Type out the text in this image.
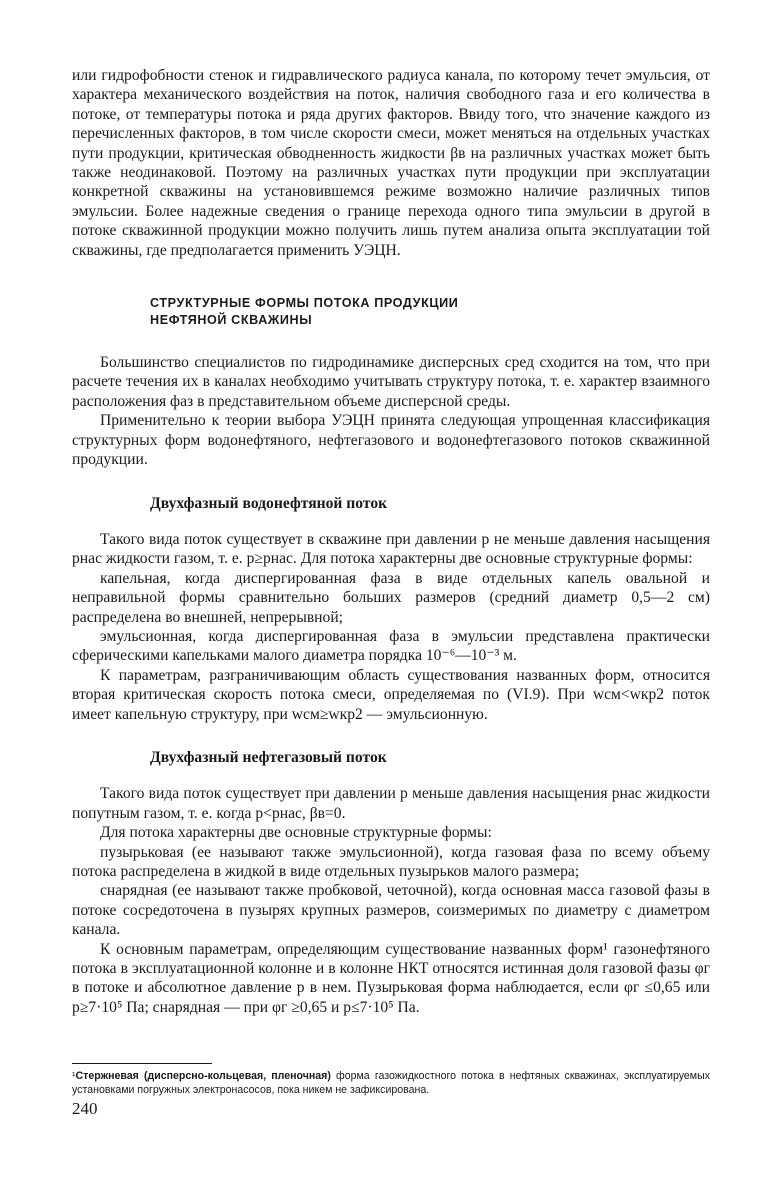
или гидрофобности стенок и гидравлического радиуса канала, по которому течет эмульсия, от характера механического воздействия на поток, наличия свободного газа и его количества в потоке, от температуры потока и ряда других факторов. Ввиду того, что значение каждого из перечисленных факторов, в том числе скорости смеси, может меняться на отдельных участках пути продукции, критическая обводненность жидкости βв на различных участках может быть также неодинаковой. Поэтому на различных участках пути продукции при эксплуатации конкретной скважины на установившемся режиме возможно наличие различных типов эмульсии. Более надежные сведения о границе перехода одного типа эмульсии в другой в потоке скважинной продукции можно получить лишь путем анализа опыта эксплуатации той скважины, где предполагается применить УЭЦН.

СТРУКТУРНЫЕ ФОРМЫ ПОТОКА ПРОДУКЦИИ
НЕФТЯНОЙ СКВАЖИНЫ

Большинство специалистов по гидродинамике дисперсных сред сходится на том, что при расчете течения их в каналах необходимо учитывать структуру потока, т. е. характер взаимного расположения фаз в представительном объеме дисперсной среды.

Применительно к теории выбора УЭЦН принята следующая упрощенная классификация структурных форм водонефтяного, нефтегазового и водонефтегазового потоков скважинной продукции.

Двухфазный водонефтяной поток

Такого вида поток существует в скважине при давлении p не меньше давления насыщения pнас жидкости газом, т. е. p≥pнас. Для потока характерны две основные структурные формы:

капельная, когда диспергированная фаза в виде отдельных капель овальной и неправильной формы сравнительно больших размеров (средний диаметр 0,5—2 см) распределена во внешней, непрерывной;

эмульсионная, когда диспергированная фаза в эмульсии представлена практически сферическими капельками малого диаметра порядка 10⁻⁶—10⁻³ м.

К параметрам, разграничивающим область существования названных форм, относится вторая критическая скорость потока смеси, определяемая по (VI.9). При wсм<wкр2 поток имеет капельную структуру, при wсм≥wкр2 — эмульсионную.

Двухфазный нефтегазовый поток

Такого вида поток существует при давлении p меньше давления насыщения pнас жидкости попутным газом, т. е. когда p<pнас, βв=0.

Для потока характерны две основные структурные формы:

пузырьковая (ее называют также эмульсионной), когда газовая фаза по всему объему потока распределена в жидкой в виде отдельных пузырьков малого размера;

снарядная (ее называют также пробковой, четочной), когда основная масса газовой фазы в потоке сосредоточена в пузырях крупных размеров, соизмеримых по диаметру с диаметром канала.

К основным параметрам, определяющим существование названных форм¹ газонефтяного потока в эксплуатационной колонне и в колонне НКТ относятся истинная доля газовой фазы φг в потоке и абсолютное давление p в нем. Пузырьковая форма наблюдается, если φг ≤0,65 или p≥7·10⁵ Па; снарядная — при φг ≥0,65 и p≤7·10⁵ Па.

¹Стержневая (дисперсно-кольцевая, пленочная) форма газожидкостного потока в нефтяных скважинах, эксплуатируемых установками погружных электронасосов, пока никем не зафиксирована.
240
